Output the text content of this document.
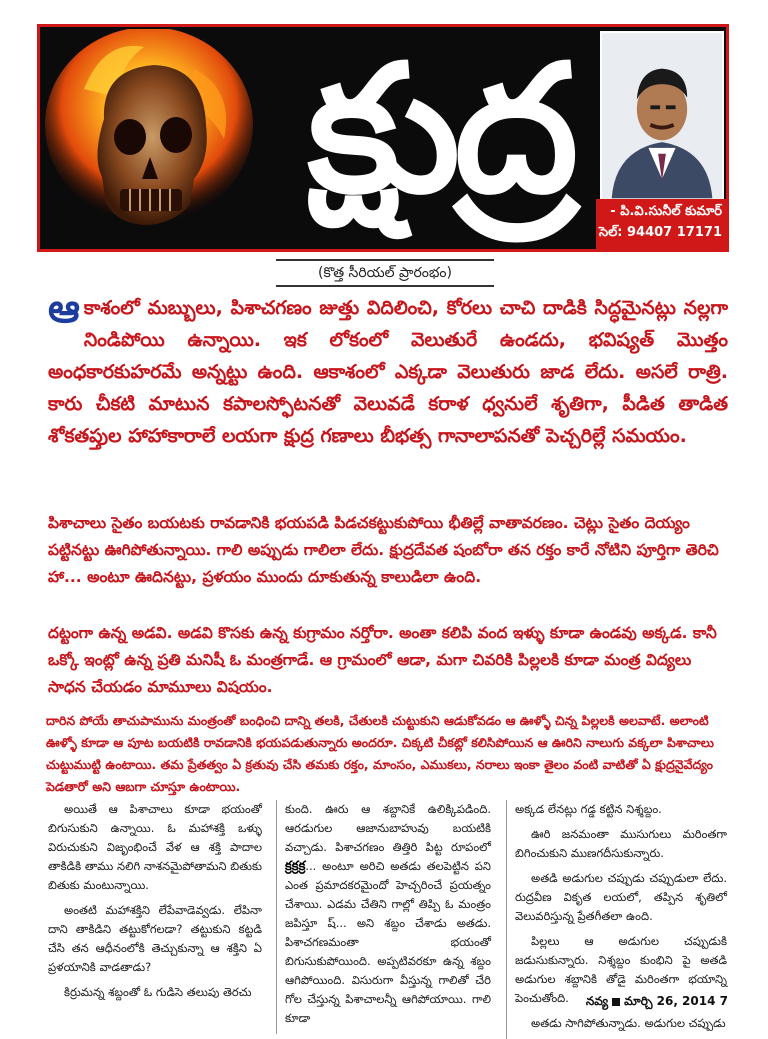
క్షుద్ర	- పి.వి.సునీల్ కుమార్
సెల్: 94407 17171
(కొత్త సీరియల్ ప్రారంభం)

ఆకాశంలో మబ్బులు, పిశాచగణం జుత్తు విదిలించి, కోరలు చాచి దాడికి సిద్ధమైనట్లు నల్లగా నిండిపోయి ఉన్నాయి. ఇక లోకంలో వెలుతురే ఉండదు, భవిష్యత్ మొత్తం అంధకారకుహరమే అన్నట్టు ఉంది. ఆకాశంలో ఎక్కడా వెలుతురు జాడ లేదు. అసలే రాత్రి. కారు చీకటి మాటున కపాలస్ఫోటనతో వెలువడే కరాళ ధ్వనులే శృతిగా, పీడిత తాడిత శోకతప్తుల హాహాకారాలే లయగా క్షుద్ర గణాలు బీభత్స గానాలాపనతో పెచ్చరిల్లే సమయం.

పిశాచాలు సైతం బయటకు రావడానికి భయపడి పిడచకట్టుకుపోయి భీతిల్లే వాతావరణం. చెట్లు సైతం దెయ్యం పట్టినట్టు ఊగిపోతున్నాయి. గాలి అప్పుడు గాలిలా లేదు. క్షుద్రదేవత షంబోరా తన రక్తం కారే నోటిని పూర్తిగా తెరిచి హా... అంటూ ఊదినట్టు, ప్రళయం ముందు దూకుతున్న కాలుడిలా ఉంది.

దట్టంగా ఉన్న అడవి. అడవి కొసకు ఉన్న కుగ్రామం నర్తోరా. అంతా కలిపి వంద ఇళ్ళు కూడా ఉండవు అక్కడ. కానీ ఒక్కో ఇంట్లో ఉన్న ప్రతి మనిషీ ఓ మంత్రగాడే. ఆ గ్రామంలో ఆడా, మగా చివరికి పిల్లలకి కూడా మంత్ర విద్యలు సాధన చేయడం మామూలు విషయం.

దారిన పోయే తాచుపామును మంత్రంతో బంధించి దాన్ని తలకి, చేతులకి చుట్టుకుని ఆడుకోవడం ఆ ఊళ్ళో చిన్న పిల్లలకి అలవాటే. అలాంటి ఊళ్ళో కూడా ఆ పూట బయటికి రావడానికి భయపడుతున్నారు అందరూ. చిక్కటి చీకట్లో కలిసిపోయిన ఆ ఊరిని నాలుగు వక్కలా పిశాచాలు చుట్టుముట్టి ఉంటాయి. తమ ప్రేతత్వం ఏ క్రతువు చేసి తమకు రక్తం, మాంసం, ఎముకలు, నరాలు ఇంకా తైలం వంటి వాటితో ఏ క్షుద్రనైవేద్యం పెడతారో అని ఆబగా చూస్తూ ఉంటాయి.

అయితే ఆ పిశాచాలు కూడా భయంతో బిగుసుకుని ఉన్నాయి. ఓ మహాశక్తి ఒళ్ళు విరుచుకుని విజృంభించే వేళ ఆ శక్తి పాదాల తాకిడికి తాము నలిగి నాశనమైపోతామని బితుకు బితుకు మంటున్నాయి.

అంతటి మహాశక్తిని లేపేవాడెవ్వడు. లేపినా దాని తాకిడిని తట్టుకోగలడా? తట్టుకుని కట్టడి చేసి తన ఆధీనంలోకి తెచ్చుకున్నా ఆ శక్తిని ఏ ప్రళయానికి వాడతాడు?

కిర్రుమన్న శబ్దంతో ఓ గుడిసె తలుపు తెరచు

కుంది. ఊరు ఆ శబ్దానికే ఉలిక్కిపడింది. ఆరడుగుల ఆజానుబాహువు బయటికి వచ్చాడు. పిశాచగణం తిత్తిరి పిట్ట రూపంలో క్రక్రక్ర... అంటూ అరిచి అతడు తలపెట్టిన పని ఎంత ప్రమాదకరమైందో హెచ్చరించే ప్రయత్నం చేశాయి. ఎడమ చేతిని గాల్లో తిప్పి ఓ మంత్రం జపిస్తూ ష్... అని శబ్దం చేశాడు అతడు. పిశాచగణమంతా భయంతో బిగుసుకుపోయింది. అప్పటివరకూ ఉన్న శబ్దం ఆగిపోయింది. విసురుగా వీస్తున్న గాలితో చేరి గోల చేస్తున్న పిశాచాలన్నీ ఆగిపోయాయి. గాలి కూడా

అక్కడ లేనట్లు గడ్డ కట్టిన నిశ్శబ్దం.

ఊరి జనమంతా ముసుగులు మరింతగా బిగించుకుని ముణగదీసుకున్నారు.

అతడి అడుగుల చప్పుడు చప్పుడులా లేదు. రుద్రవీణ వికృత లయలో, తప్పిన శృతిలో వెలువరిస్తున్న ప్రేతగీతలా ఉంది.

పిల్లలు ఆ అడుగుల చప్పుడుకి జడుసుకున్నారు. నిశ్శబ్దం కుంభిని పై అతడి అడుగుల శబ్దానికి తోడై మరింతగా భయాన్ని పెంచుతోంది.

అతడు సాగిపోతున్నాడు. అడుగుల చప్పుడు

నవ్య మార్చి 26, 2014 7
